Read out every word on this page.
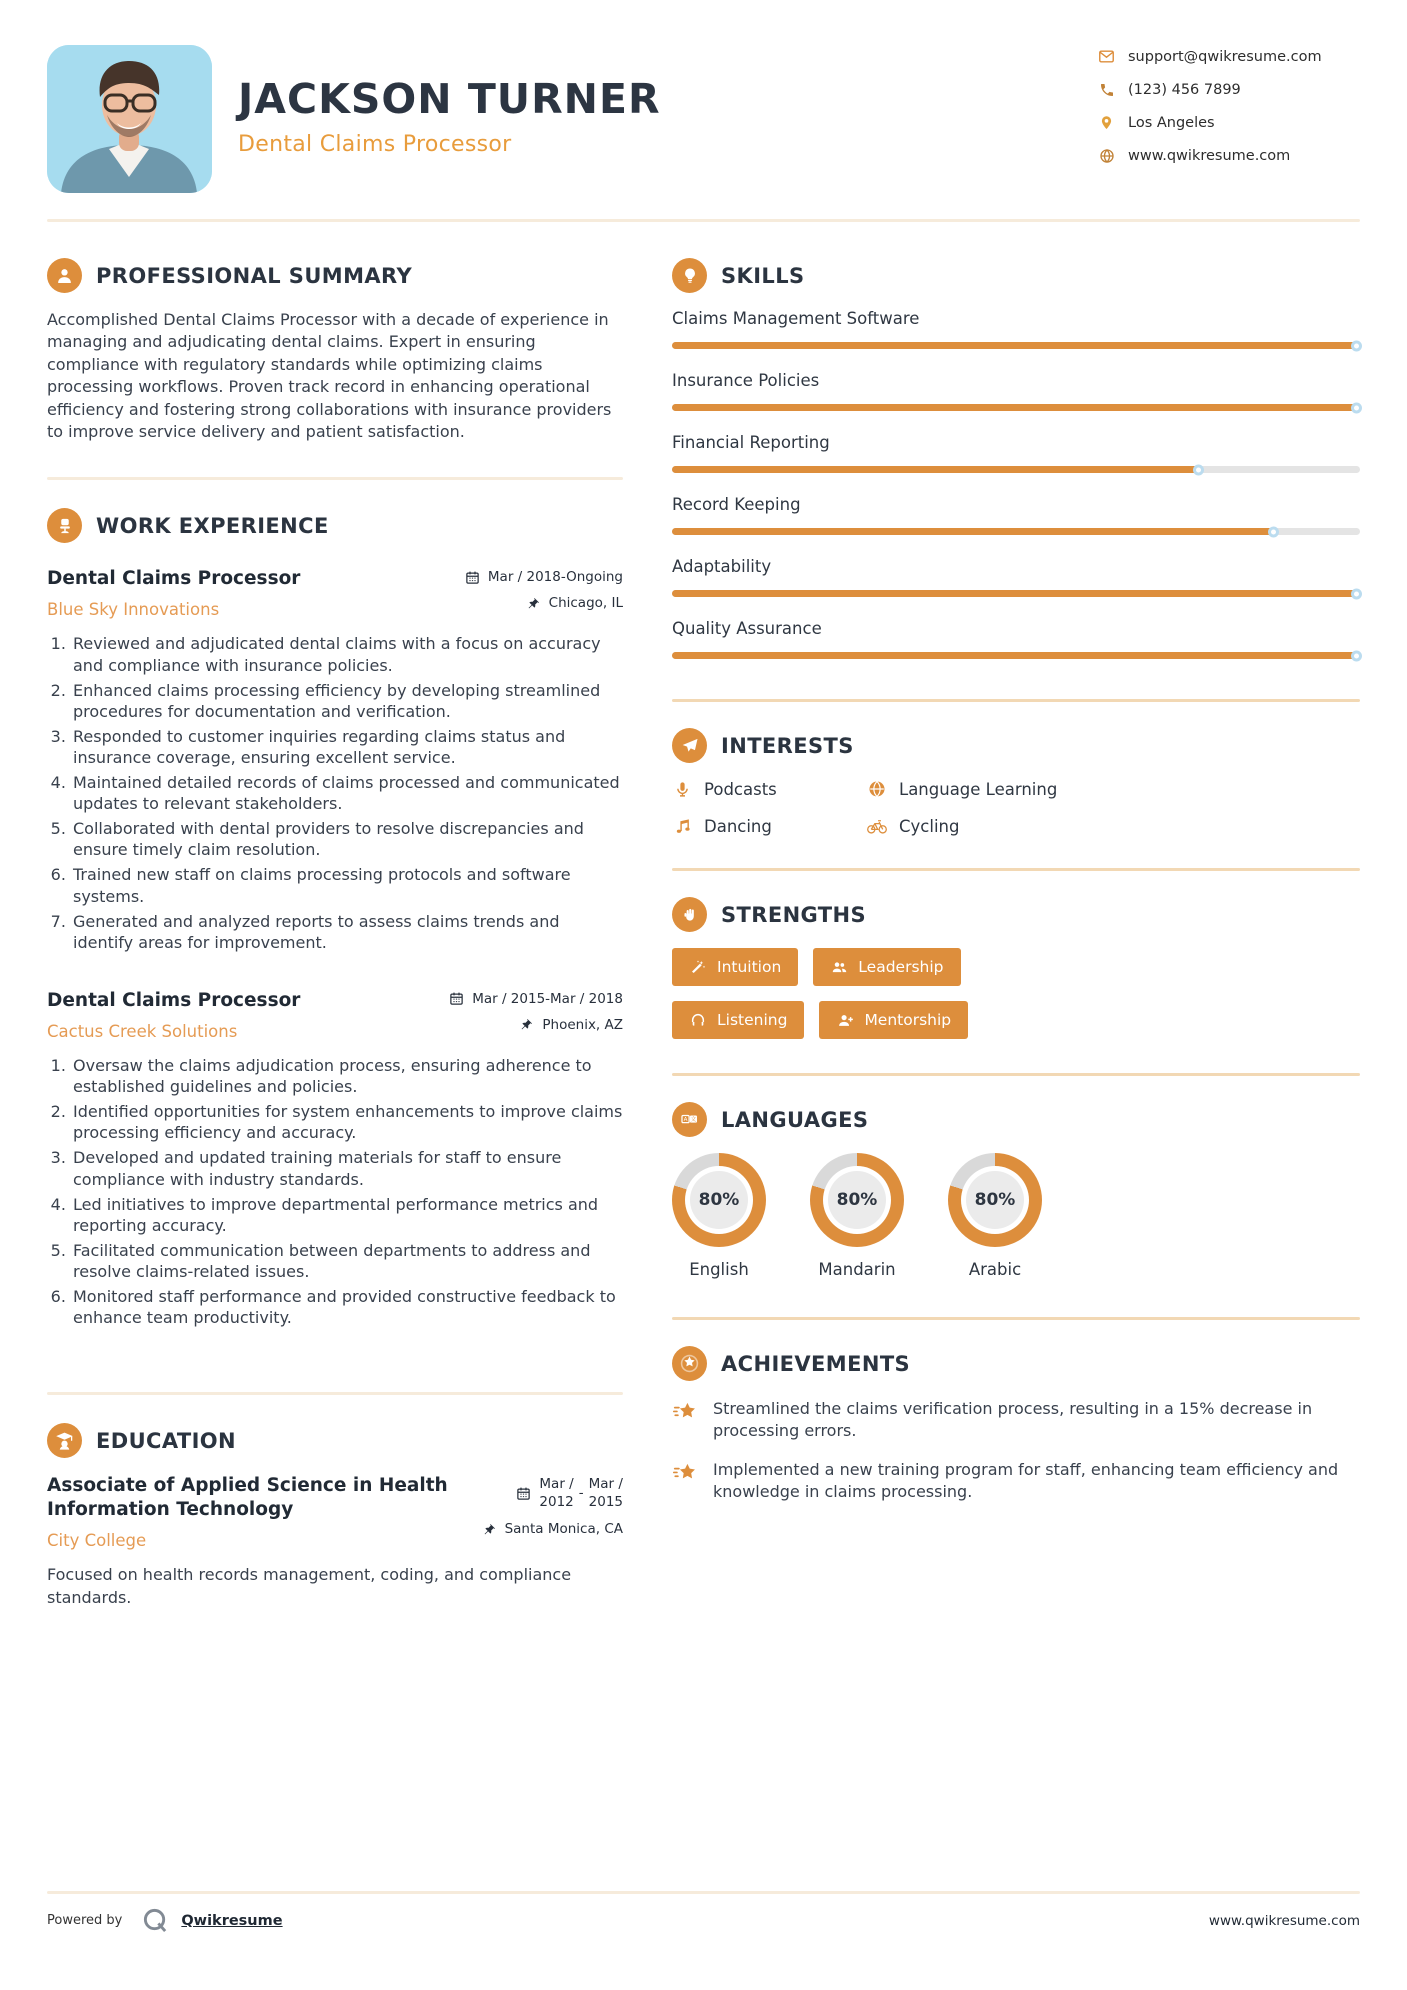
JACKSON TURNER
Dental Claims Processor
support@qwikresume.com
(123) 456 7899
Los Angeles
www.qwikresume.com
PROFESSIONAL SUMMARY

Accomplished Dental Claims Processor with a decade of experience in managing and adjudicating dental claims. Expert in ensuring compliance with regulatory standards while optimizing claims processing workflows. Proven track record in enhancing operational efficiency and fostering strong collaborations with insurance providers to improve service delivery and patient satisfaction.

WORK EXPERIENCE
Dental Claims Processor
Blue Sky Innovations
Mar / 2018-Ongoing
Chicago, IL
1. Reviewed and adjudicated dental claims with a focus on accuracy and compliance with insurance policies.
2. Enhanced claims processing efficiency by developing streamlined procedures for documentation and verification.
3. Responded to customer inquiries regarding claims status and insurance coverage, ensuring excellent service.
4. Maintained detailed records of claims processed and communicated updates to relevant stakeholders.
5. Collaborated with dental providers to resolve discrepancies and ensure timely claim resolution.
6. Trained new staff on claims processing protocols and software systems.
7. Generated and analyzed reports to assess claims trends and identify areas for improvement.
Dental Claims Processor
Cactus Creek Solutions
Mar / 2015-Mar / 2018
Phoenix, AZ
1. Oversaw the claims adjudication process, ensuring adherence to established guidelines and policies.
2. Identified opportunities for system enhancements to improve claims processing efficiency and accuracy.
3. Developed and updated training materials for staff to ensure compliance with industry standards.
4. Led initiatives to improve departmental performance metrics and reporting accuracy.
5. Facilitated communication between departments to address and resolve claims-related issues.
6. Monitored staff performance and provided constructive feedback to enhance team productivity.
EDUCATION
Associate of Applied Science in Health Information Technology
City College
Mar /
2012
-
Mar /
2015
Santa Monica, CA

Focused on health records management, coding, and compliance standards.

SKILLS
Claims Management Software
Insurance Policies
Financial Reporting
Record Keeping
Adaptability
Quality Assurance
INTERESTS
Podcasts	Language Learning
Dancing	Cycling
STRENGTHS
Intuition	Leadership
Listening	Mentorship
A 文 LANGUAGES
80%
English
80%
Mandarin
80%
Arabic
ACHIEVEMENTS
Streamlined the claims verification process, resulting in a 15% decrease in processing errors.
Implemented a new training program for staff, enhancing team efficiency and knowledge in claims processing.
Powered by	Qwikresume	www.qwikresume.com
